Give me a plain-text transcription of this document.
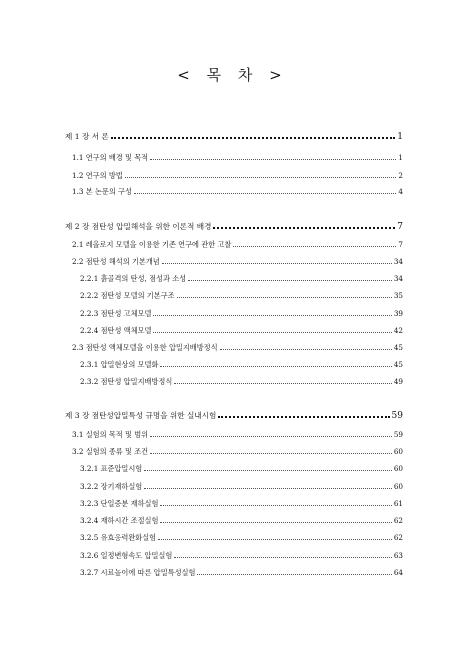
< 목 차 >
제 1 장 서 론	1
1.1 연구의 배경 및 목적	1
1.2 연구의 방법	2
1.3 본 논문의 구성	4
제 2 장 점탄성 압밀해석을 위한 이론적 배경	7
2.1 레올로지 모델을 이용한 기존 연구에 관한 고찰	7
2.2 점탄성 해석의 기본개념	34
2.2.1 흙골격의 탄성, 점성과 소성	34
2.2.2 점탄성 모델의 기본구조	35
2.2.3 점탄성 고체모델	39
2.2.4 점탄성 액체모델	42
2.3 점탄성 액체모델을 이용한 압밀지배방정식	45
2.3.1 압밀현상의 모델화	45
2.3.2 점탄성 압밀지배방정식	49
제 3 장 점탄성압밀특성 규명을 위한 실내시험	59
3.1 실험의 목적 및 범위	59
3.2 실험의 종류 및 조건	60
3.2.1 표준압밀시험	60
3.2.2 장기재하실험	60
3.2.3 단일증분 재하실험	61
3.2.4 재하시간 조절실험	62
3.2.5 유효응력완화실험	62
3.2.6 일정변형속도 압밀실험	63
3.2.7 시료높이에 따른 압밀특성실험	64
